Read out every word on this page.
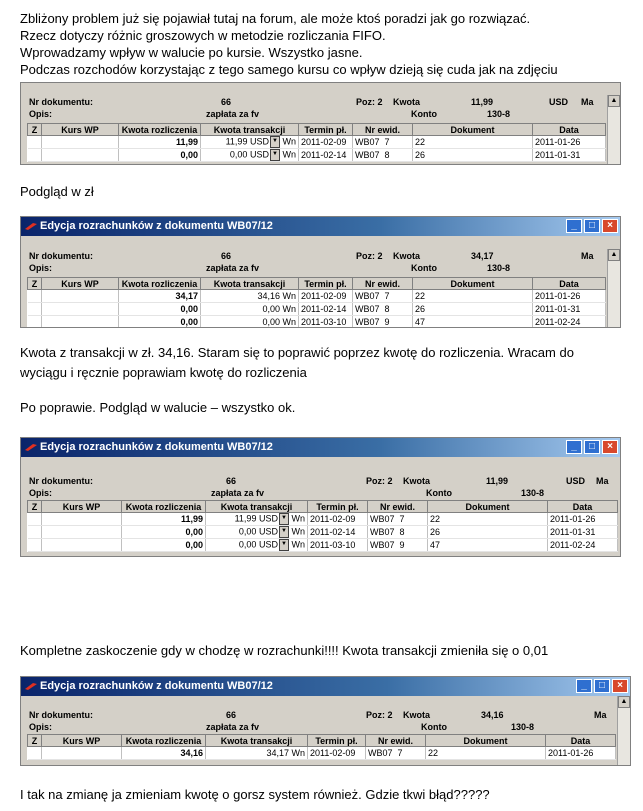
Zbliżony problem już się pojawiał tutaj na forum, ale może ktoś poradzi jak go rozwiązać.
Rzecz dotyczy różnic groszowych w metodzie rozliczania FIFO.
Wprowadzamy wpływ w walucie po kursie. Wszystko jasne.
Podczas rozchodów korzystając z tego samego kursu co wpływ dzieją się cuda jak na zdjęciu
Podgląd w zł
Kwota z transakcji w zł. 34,16. Staram się to poprawić poprzez kwotę do rozliczenia. Wracam do
wyciągu i ręcznie poprawiam kwotę do rozliczenia
Po poprawie. Podgląd w walucie – wszystko ok.
Kompletne zaskoczenie gdy w chodzę w rozrachunki!!!! Kwota transakcji zmieniła się o 0,01
I tak na zmianę ja zmieniam kwotę o gorsz system również. Gdzie tkwi błąd?????
Nr dokumentu:	66	Poz: 2 Kwota	11,99	USD Ma
Opis:	zapłata za fv	Konto	130-8
Z	Kurs WP	Kwota rozliczenia	Kwota transakcji	Termin pł.	Nr ewid.	Dokument	Data
		11,99	11,99 USD ▼ Wn	2011-02-09	WB07 7	22	2011-01-26
		0,00	0,00 USD ▼ Wn	2011-02-14	WB07 8	26	2011-01-31
▲
Edycja rozrachunków z dokumentu WB07/12	_	□	×
Nr dokumentu:	66	Poz: 2 Kwota	34,17	Ma
Opis:	zapłata za fv	Konto	130-8
Z	Kurs WP	Kwota rozliczenia	Kwota transakcji	Termin pł.	Nr ewid.	Dokument	Data
		34,17	34,16 Wn	2011-02-09	WB07 7	22	2011-01-26
		0,00	0,00 Wn	2011-02-14	WB07 8	26	2011-01-31
		0,00	0,00 Wn	2011-03-10	WB07 9	47	2011-02-24
▲
Edycja rozrachunków z dokumentu WB07/12	_	□	×
Nr dokumentu:	66	Poz: 2 Kwota	11,99	USD Ma
Opis:	zapłata za fv	Konto	130-8
Z	Kurs WP	Kwota rozliczenia	Kwota transakcji	Termin pł.	Nr ewid.	Dokument	Data
		11,99	11,99 USD ▼ Wn	2011-02-09	WB07 7	22	2011-01-26
		0,00	0,00 USD ▼ Wn	2011-02-14	WB07 8	26	2011-01-31
		0,00	0,00 USD ▼ Wn	2011-03-10	WB07 9	47	2011-02-24
Edycja rozrachunków z dokumentu WB07/12	_	□	×
Nr dokumentu:	66	Poz: 2 Kwota	34,16	Ma
Opis:	zapłata za fv	Konto	130-8
Z	Kurs WP	Kwota rozliczenia	Kwota transakcji	Termin pł.	Nr ewid.	Dokument	Data
		34,16	34,17 Wn	2011-02-09	WB07 7	22	2011-01-26
▲
